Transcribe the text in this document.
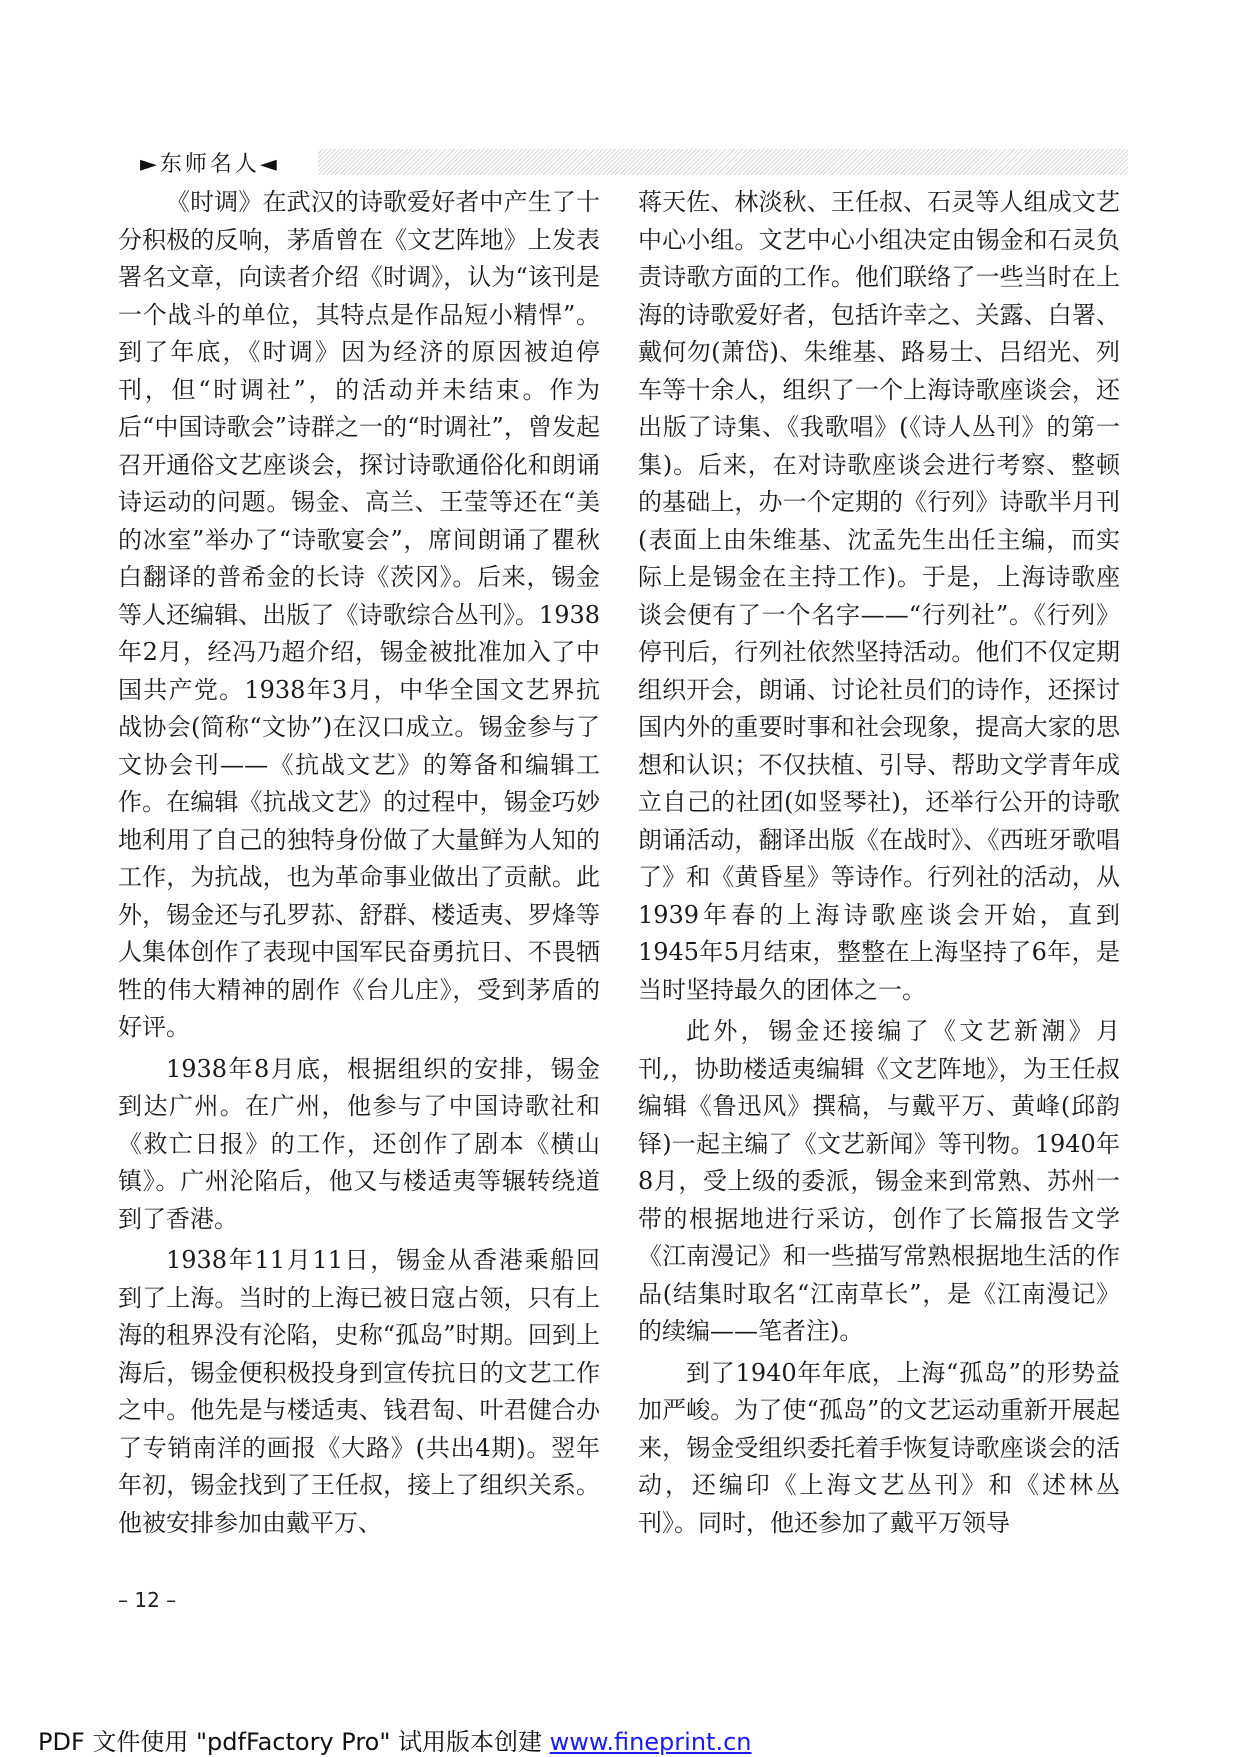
►东师名人◄

《时调》在武汉的诗歌爱好者中产生了十分积极的反响，茅盾曾在《文艺阵地》上发表署名文章，向读者介绍《时调》，认为“该刊是一个战斗的单位，其特点是作品短小精悍”。到了年底，《时调》因为经济的原因被迫停刊，但“时调社”，的活动并未结束。作为后“中国诗歌会”诗群之一的“时调社”，曾发起召开通俗文艺座谈会，探讨诗歌通俗化和朗诵诗运动的问题。锡金、高兰、王莹等还在“美的冰室”举办了“诗歌宴会”，席间朗诵了瞿秋白翻译的普希金的长诗《茨冈》。后来，锡金等人还编辑、出版了《诗歌综合丛刊》。1938年2月，经冯乃超介绍，锡金被批准加入了中国共产党。1938年3月，中华全国文艺界抗战协会(简称“文协”)在汉口成立。锡金参与了文协会刊——《抗战文艺》的筹备和编辑工作。在编辑《抗战文艺》的过程中，锡金巧妙地利用了自己的独特身份做了大量鲜为人知的工作，为抗战，也为革命事业做出了贡献。此外，锡金还与孔罗荪、舒群、楼适夷、罗烽等人集体创作了表现中国军民奋勇抗日、不畏牺牲的伟大精神的剧作《台儿庄》，受到茅盾的好评。

1938年8月底，根据组织的安排，锡金到达广州。在广州，他参与了中国诗歌社和《救亡日报》的工作，还创作了剧本《横山镇》。广州沦陷后，他又与楼适夷等辗转绕道到了香港。

1938年11月11日，锡金从香港乘船回到了上海。当时的上海已被日寇占领，只有上海的租界没有沦陷，史称“孤岛”时期。回到上海后，锡金便积极投身到宣传抗日的文艺工作之中。他先是与楼适夷、钱君匋、叶君健合办了专销南洋的画报《大路》(共出4期)。翌年年初，锡金找到了王任叔，接上了组织关系。他被安排参加由戴平万、

蒋天佐、林淡秋、王任叔、石灵等人组成文艺中心小组。文艺中心小组决定由锡金和石灵负责诗歌方面的工作。他们联络了一些当时在上海的诗歌爱好者，包括许幸之、关露、白署、戴何勿(萧岱)、朱维基、路易士、吕绍光、列车等十余人，组织了一个上海诗歌座谈会，还出版了诗集、《我歌唱》(《诗人丛刊》的第一集)。后来，在对诗歌座谈会进行考察、整顿的基础上，办一个定期的《行列》诗歌半月刊(表面上由朱维基、沈孟先生出任主编，而实际上是锡金在主持工作)。于是，上海诗歌座谈会便有了一个名字——“行列社”。《行列》停刊后，行列社依然坚持活动。他们不仅定期组织开会，朗诵、讨论社员们的诗作，还探讨国内外的重要时事和社会现象，提高大家的思想和认识；不仅扶植、引导、帮助文学青年成立自己的社团(如竖琴社)，还举行公开的诗歌朗诵活动，翻译出版《在战时》、《西班牙歌唱了》和《黄昏星》等诗作。行列社的活动，从1939年春的上海诗歌座谈会开始，直到1945年5月结束，整整在上海坚持了6年，是当时坚持最久的团体之一。

此外，锡金还接编了《文艺新潮》月刊,，协助楼适夷编辑《文艺阵地》，为王任叔编辑《鲁迅风》撰稿，与戴平万、黄峰(邱韵铎)一起主编了《文艺新闻》等刊物。1940年8月，受上级的委派，锡金来到常熟、苏州一带的根据地进行采访，创作了长篇报告文学《江南漫记》和一些描写常熟根据地生活的作品(结集时取名“江南草长”，是《江南漫记》的续编——笔者注)。

到了1940年年底，上海“孤岛”的形势益加严峻。为了使“孤岛”的文艺运动重新开展起来，锡金受组织委托着手恢复诗歌座谈会的活动，还编印《上海文艺丛刊》和《述林丛刊》。同时，他还参加了戴平万领导

– 12 –
PDF 文件使用 "pdfFactory Pro" 试用版本创建 www.fineprint.cn
